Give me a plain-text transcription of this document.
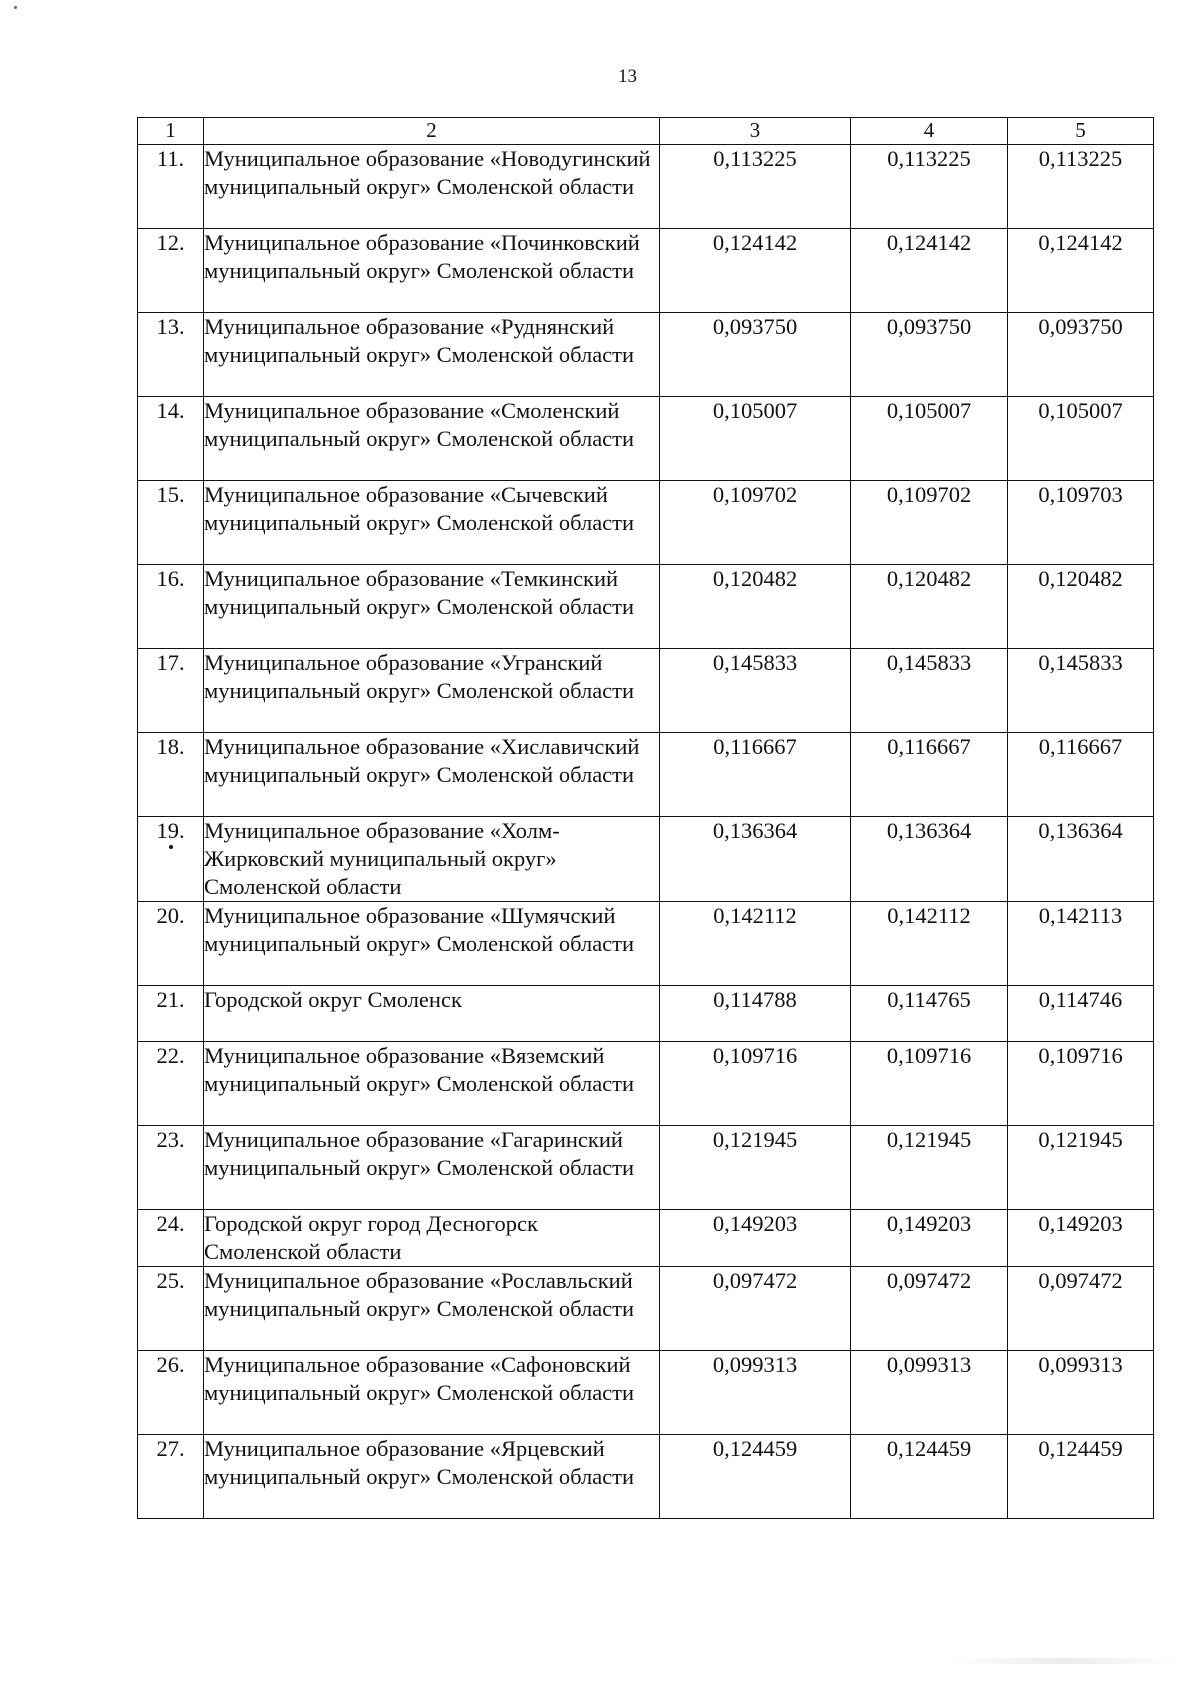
13
1	2	3	4	5
11.	Муниципальное образование «Новодугинский муниципальный округ» Смоленской области	0,113225	0,113225	0,113225
12.	Муниципальное образование «Починковский муниципальный округ» Смоленской области	0,124142	0,124142	0,124142
13.	Муниципальное образование «Руднянский муниципальный округ» Смоленской области	0,093750	0,093750	0,093750
14.	Муниципальное образование «Смоленский муниципальный округ» Смоленской области	0,105007	0,105007	0,105007
15.	Муниципальное образование «Сычевский муниципальный округ» Смоленской области	0,109702	0,109702	0,109703
16.	Муниципальное образование «Темкинский муниципальный округ» Смоленской области	0,120482	0,120482	0,120482
17.	Муниципальное образование «Угранский муниципальный округ» Смоленской области	0,145833	0,145833	0,145833
18.	Муниципальное образование «Хиславичский муниципальный округ» Смоленской области	0,116667	0,116667	0,116667
19.	Муниципальное образование «Холм-Жирковский муниципальный округ» Смоленской области	0,136364	0,136364	0,136364
20.	Муниципальное образование «Шумячский муниципальный округ» Смоленской области	0,142112	0,142112	0,142113
21.	Городской округ Смоленск	0,114788	0,114765	0,114746
22.	Муниципальное образование «Вяземский муниципальный округ» Смоленской области	0,109716	0,109716	0,109716
23.	Муниципальное образование «Гагаринский муниципальный округ» Смоленской области	0,121945	0,121945	0,121945
24.	Городской округ город Десногорск Смоленской области	0,149203	0,149203	0,149203
25.	Муниципальное образование «Рославльский муниципальный округ» Смоленской области	0,097472	0,097472	0,097472
26.	Муниципальное образование «Сафоновский муниципальный округ» Смоленской области	0,099313	0,099313	0,099313
27.	Муниципальное образование «Ярцевский муниципальный округ» Смоленской области	0,124459	0,124459	0,124459
